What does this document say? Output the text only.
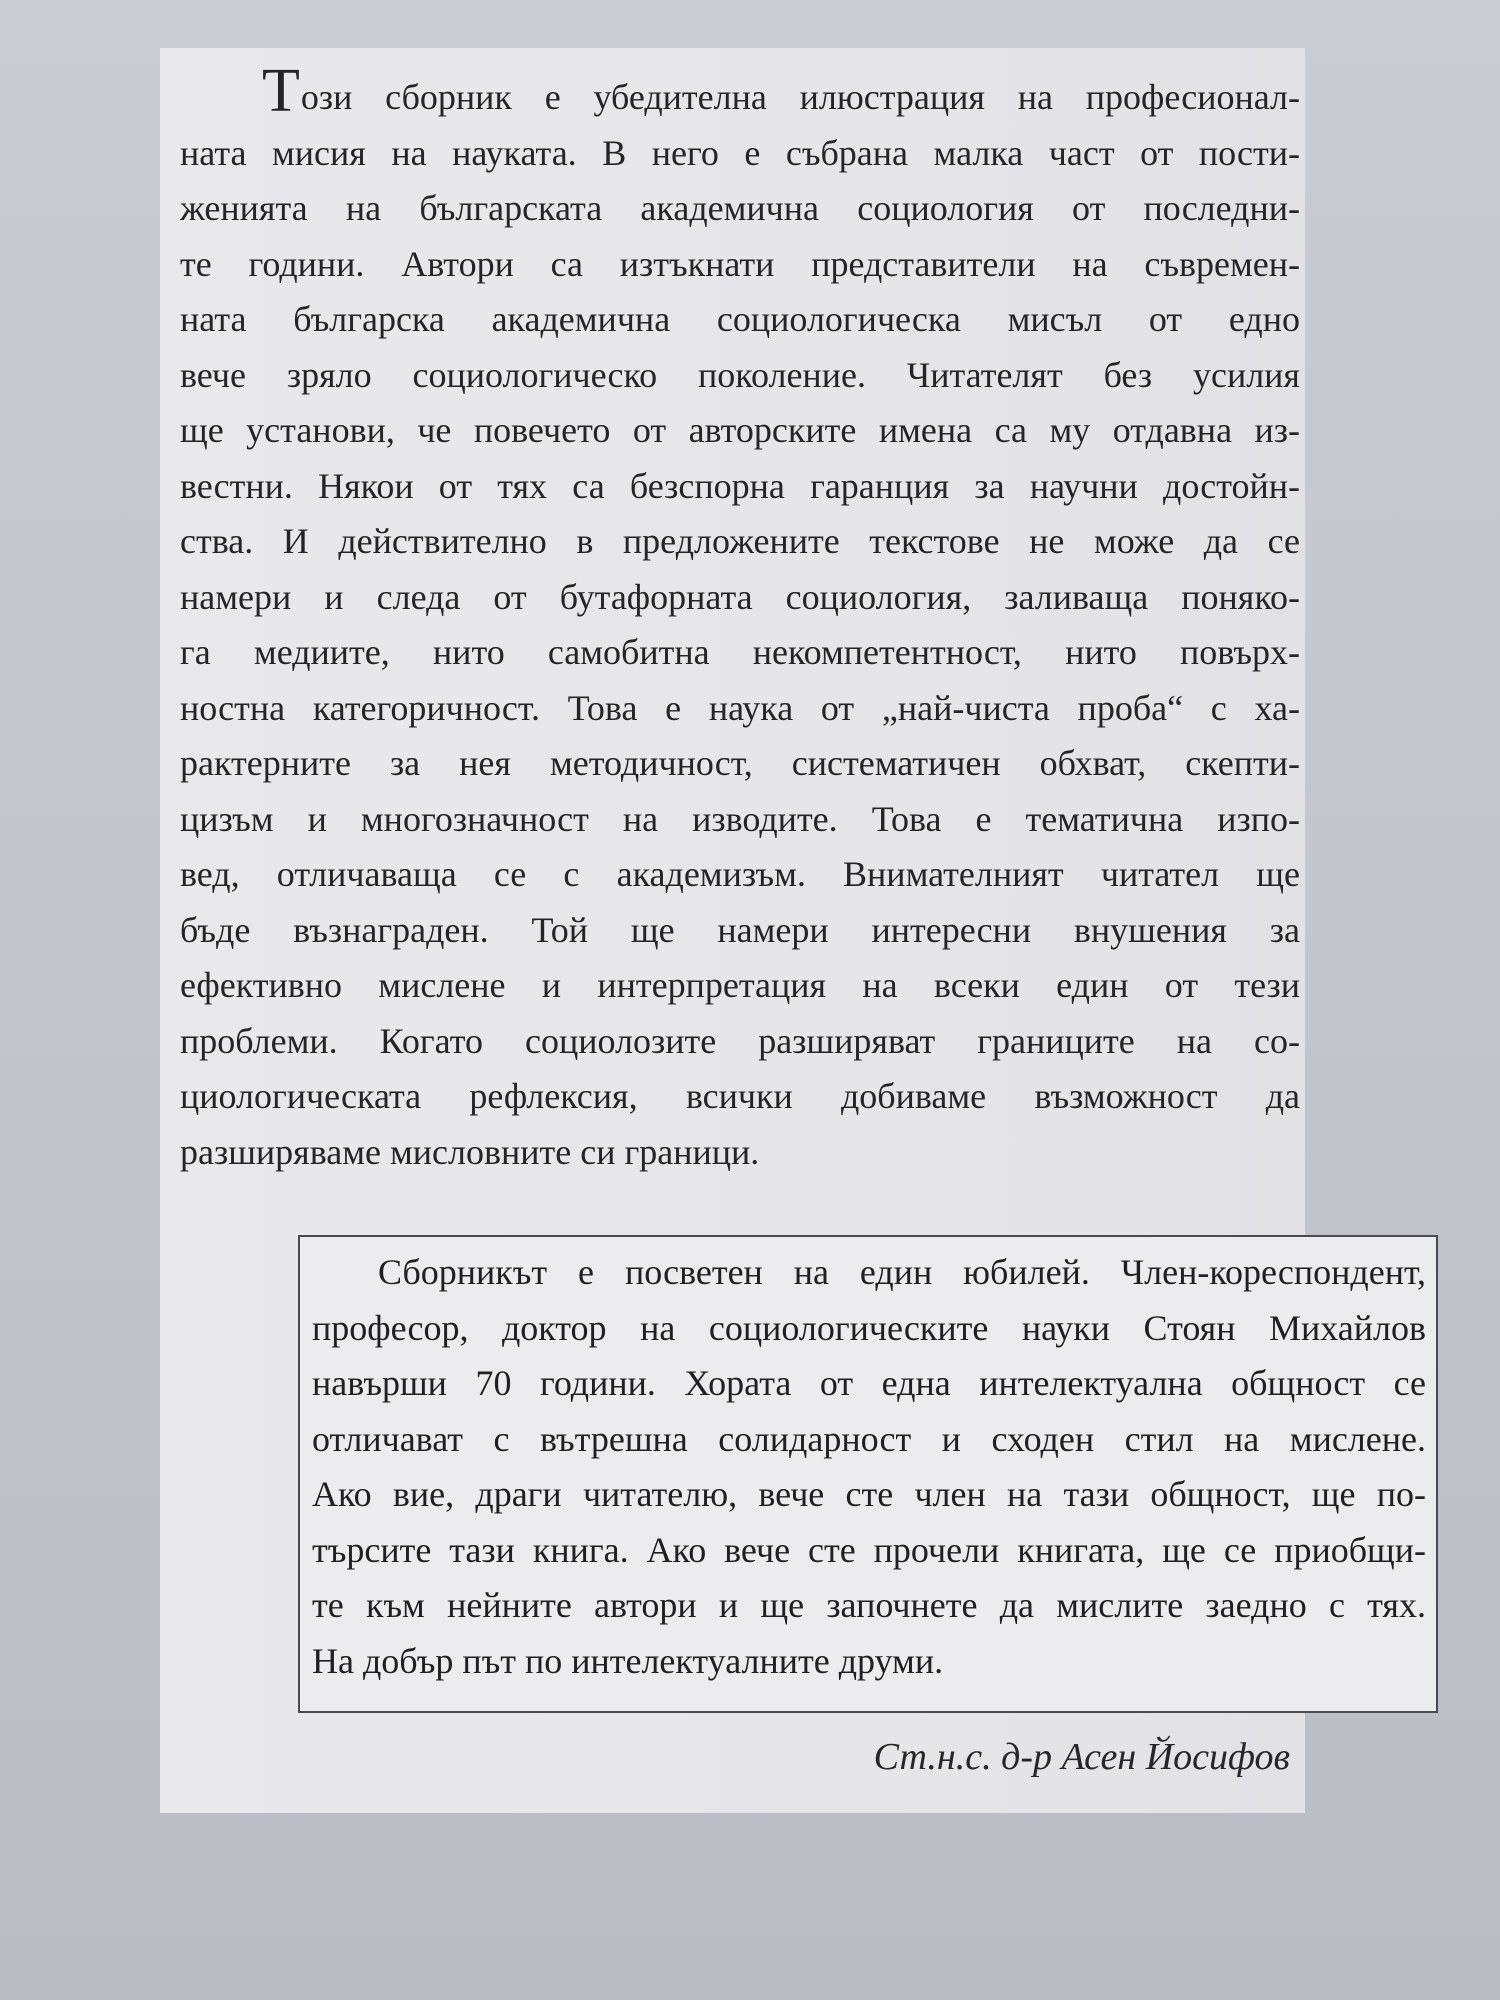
Този сборник е убедителна илюстрация на професионал-
ната мисия на науката. В него е събрана малка част от пости-
женията на българската академична социология от последни-
те години. Автори са изтъкнати представители на съвремен-
ната българска академична социологическа мисъл от едно
вече зряло социологическо поколение. Читателят без усилия
ще установи, че повечето от авторските имена са му отдавна из-
вестни. Някои от тях са безспорна гаранция за научни достойн-
ства. И действително в предложените текстове не може да се
намери и следа от бутафорната социология, заливаща поняко-
га медиите, нито самобитна некомпетентност, нито повърх-
ностна категоричност. Това е наука от „най-чиста проба“ с ха-
рактерните за нея методичност, систематичен обхват, скепти-
цизъм и многозначност на изводите. Това е тематична изпо-
вед, отличаваща се с академизъм. Внимателният читател ще
бъде възнаграден. Той ще намери интересни внушения за
ефективно мислене и интерпретация на всеки един от тези
проблеми. Когато социолозите разширяват границите на со-
циологическата рефлексия, всички добиваме възможност да
разширяваме мисловните си граници.

Сборникът е посветен на един юбилей. Член-кореспондент,
професор, доктор на социологическите науки Стоян Михайлов
навърши 70 години. Хората от една интелектуална общност се
отличават с вътрешна солидарност и сходен стил на мислене.
Ако вие, драги читателю, вече сте член на тази общност, ще по-
търсите тази книга. Ако вече сте прочели книгата, ще се приобщи-
те към нейните автори и ще започнете да мислите заедно с тях.
На добър път по интелектуалните друми.

Ст.н.с. д-р Асен Йосифов
